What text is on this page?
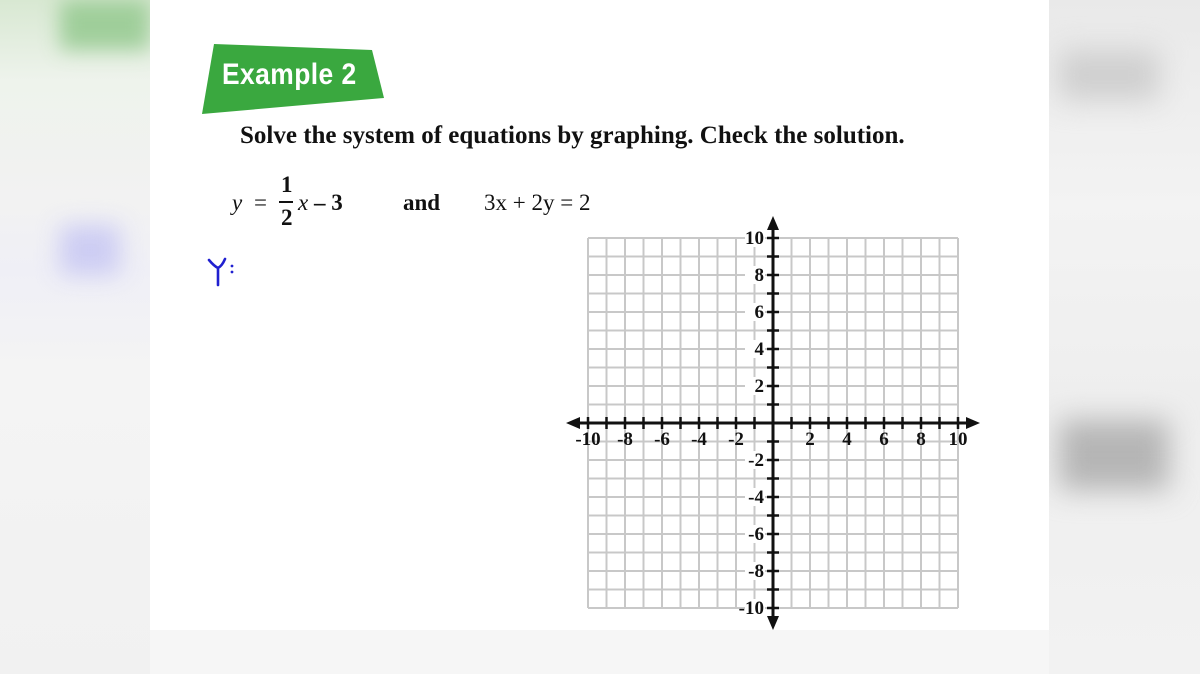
Example 2
Solve the system of equations by graphing. Check the solution.
y =
1
2
x – 3	and 3x + 2y = 2
-10 -8 -6 -4 -2	2 4 6 8 10
10
8
6
4
2
-2
-4
-6
-8
-10
